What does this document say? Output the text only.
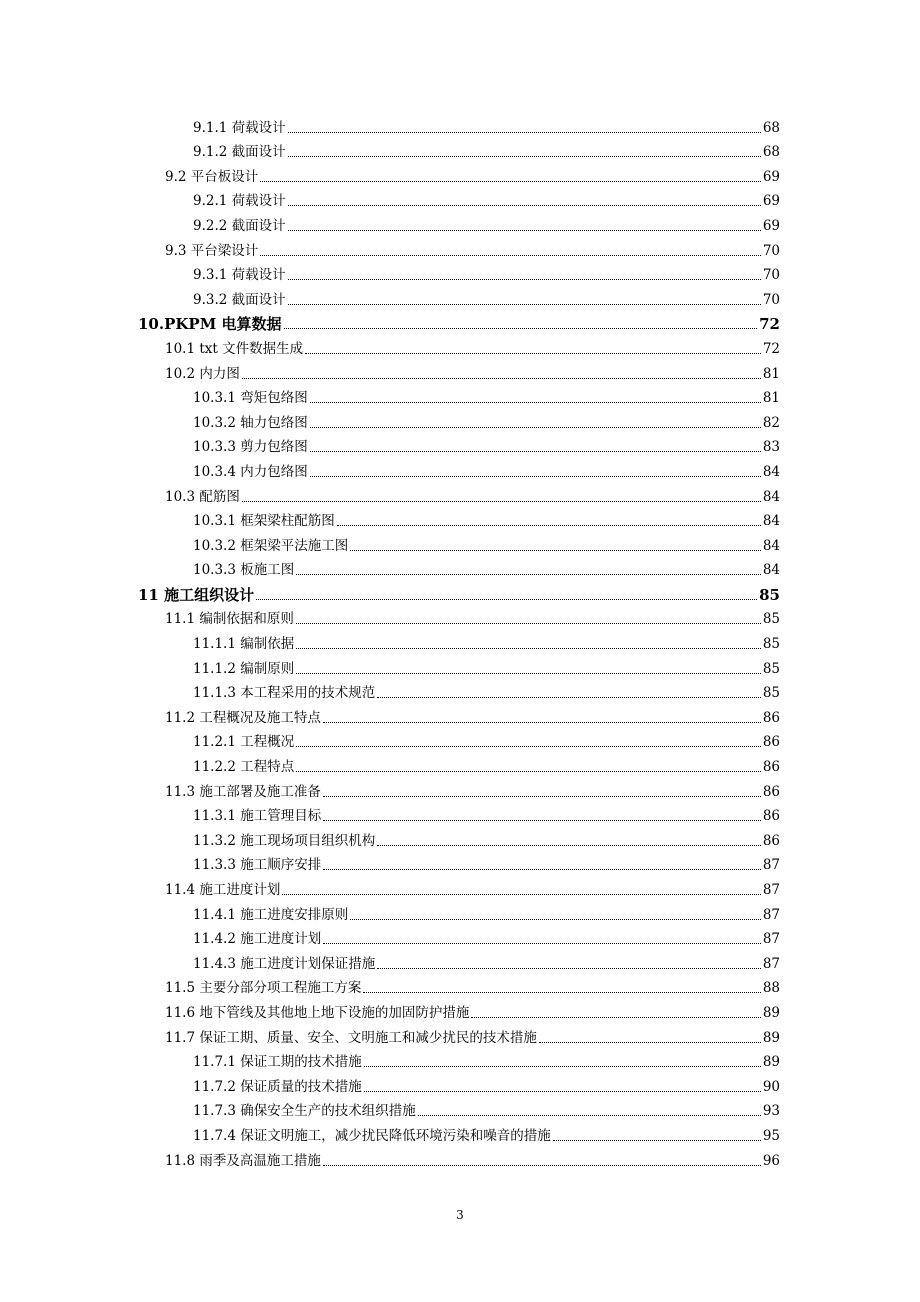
9.1.1 荷载设计	68
9.1.2 截面设计	68
9.2 平台板设计	69
9.2.1 荷载设计	69
9.2.2 截面设计	69
9.3 平台梁设计	70
9.3.1 荷载设计	70
9.3.2 截面设计	70
10.PKPM 电算数据	72
10.1 txt 文件数据生成	72
10.2 内力图	81
10.3.1 弯矩包络图	81
10.3.2 轴力包络图	82
10.3.3 剪力包络图	83
10.3.4 内力包络图	84
10.3 配筋图	84
10.3.1 框架梁柱配筋图	84
10.3.2 框架梁平法施工图	84
10.3.3 板施工图	84
11 施工组织设计	85
11.1 编制依据和原则	85
11.1.1 编制依据	85
11.1.2 编制原则	85
11.1.3 本工程采用的技术规范	85
11.2 工程概况及施工特点	86
11.2.1 工程概况	86
11.2.2 工程特点	86
11.3 施工部署及施工准备	86
11.3.1 施工管理目标	86
11.3.2 施工现场项目组织机构	86
11.3.3 施工顺序安排	87
11.4 施工进度计划	87
11.4.1 施工进度安排原则	87
11.4.2 施工进度计划	87
11.4.3 施工进度计划保证措施	87
11.5 主要分部分项工程施工方案	88
11.6 地下管线及其他地上地下设施的加固防护措施	89
11.7 保证工期、质量、安全、文明施工和减少扰民的技术措施	89
11.7.1 保证工期的技术措施	89
11.7.2 保证质量的技术措施	90
11.7.3 确保安全生产的技术组织措施	93
11.7.4 保证文明施工，减少扰民降低环境污染和噪音的措施	95
11.8 雨季及高温施工措施	96
3
